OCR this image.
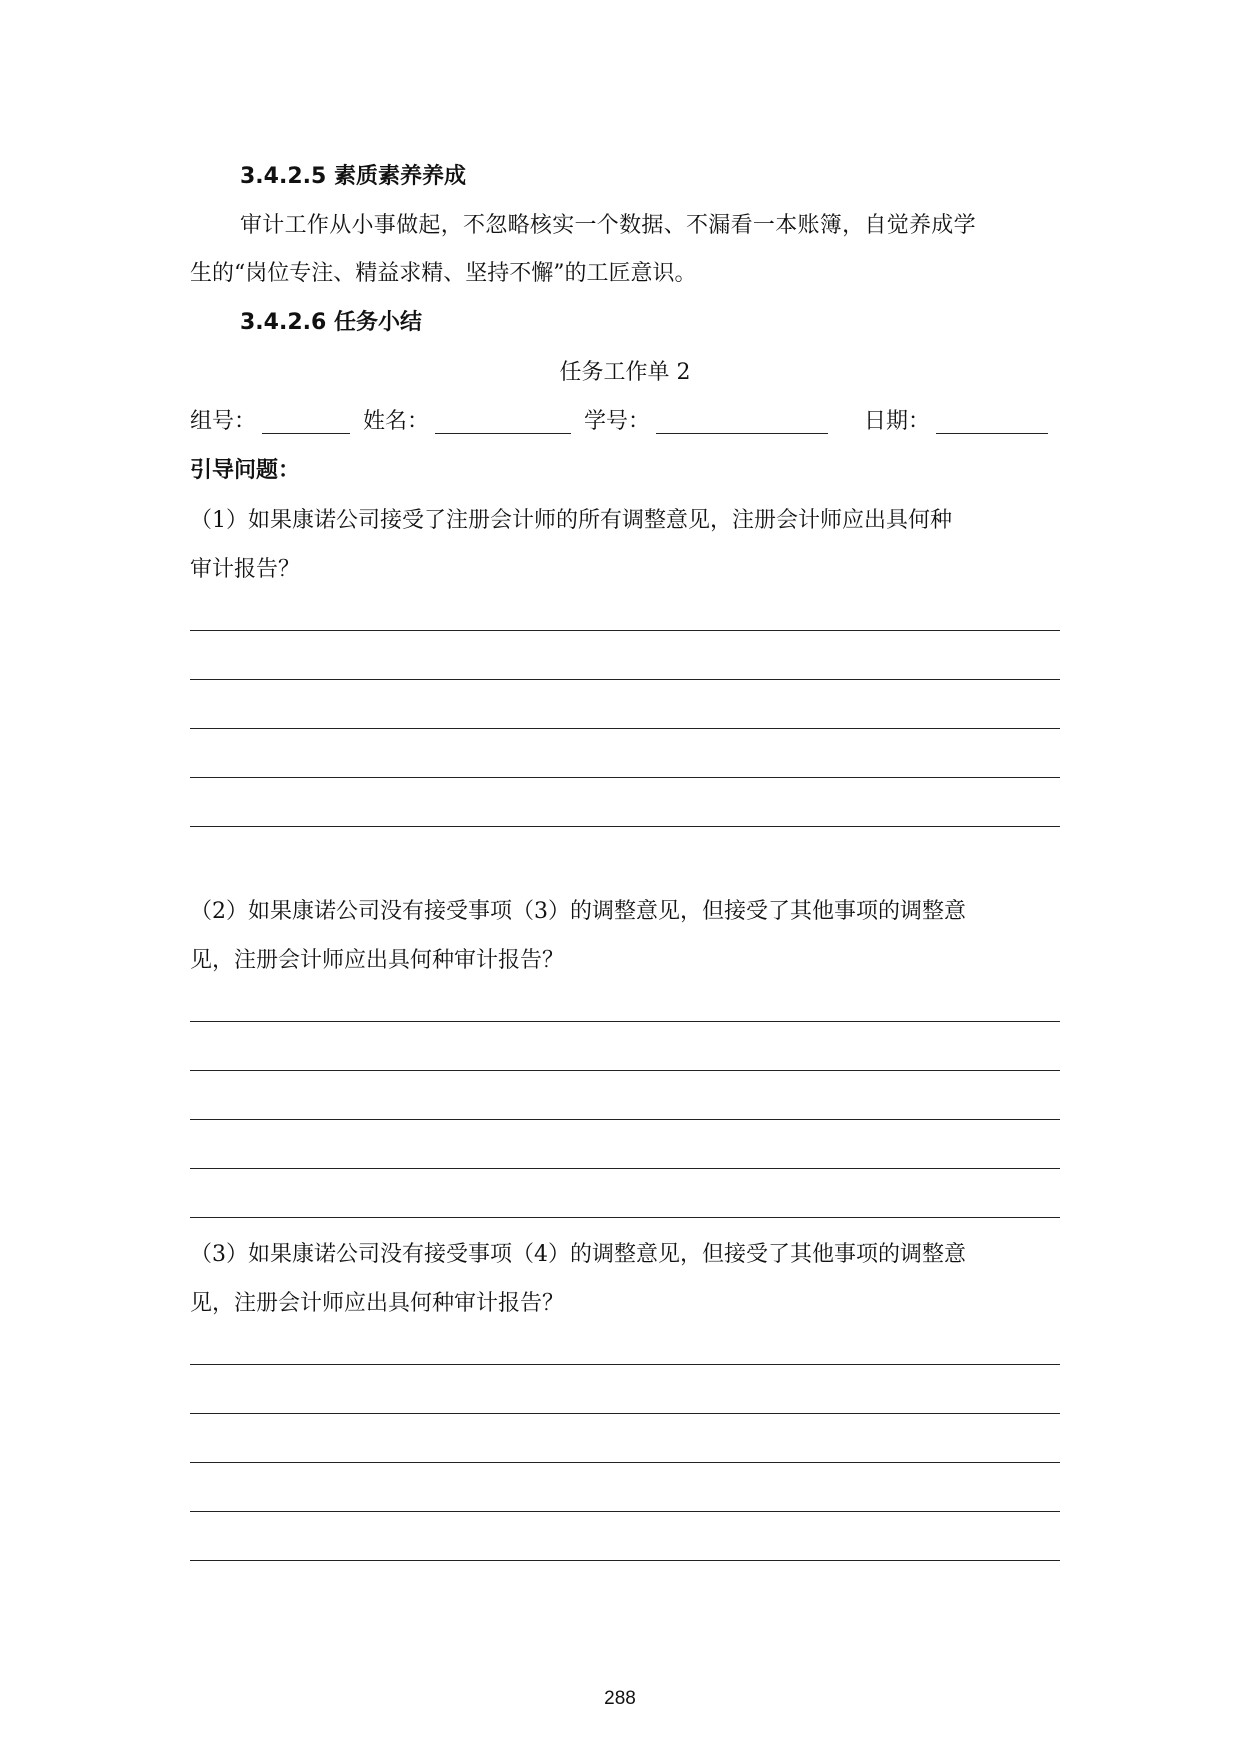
3.4.2.5 素质素养养成
审计工作从小事做起，不忽略核实一个数据、不漏看一本账簿，自觉养成学
生的“岗位专注、精益求精、坚持不懈”的工匠意识。
3.4.2.6 任务小结
任务工作单 2
组号：	姓名：	学号：	日期：
引导问题：
（1）如果康诺公司接受了注册会计师的所有调整意见，注册会计师应出具何种
审计报告？
（2）如果康诺公司没有接受事项（3）的调整意见，但接受了其他事项的调整意
见，注册会计师应出具何种审计报告？
（3）如果康诺公司没有接受事项（4）的调整意见，但接受了其他事项的调整意
见，注册会计师应出具何种审计报告？
288
